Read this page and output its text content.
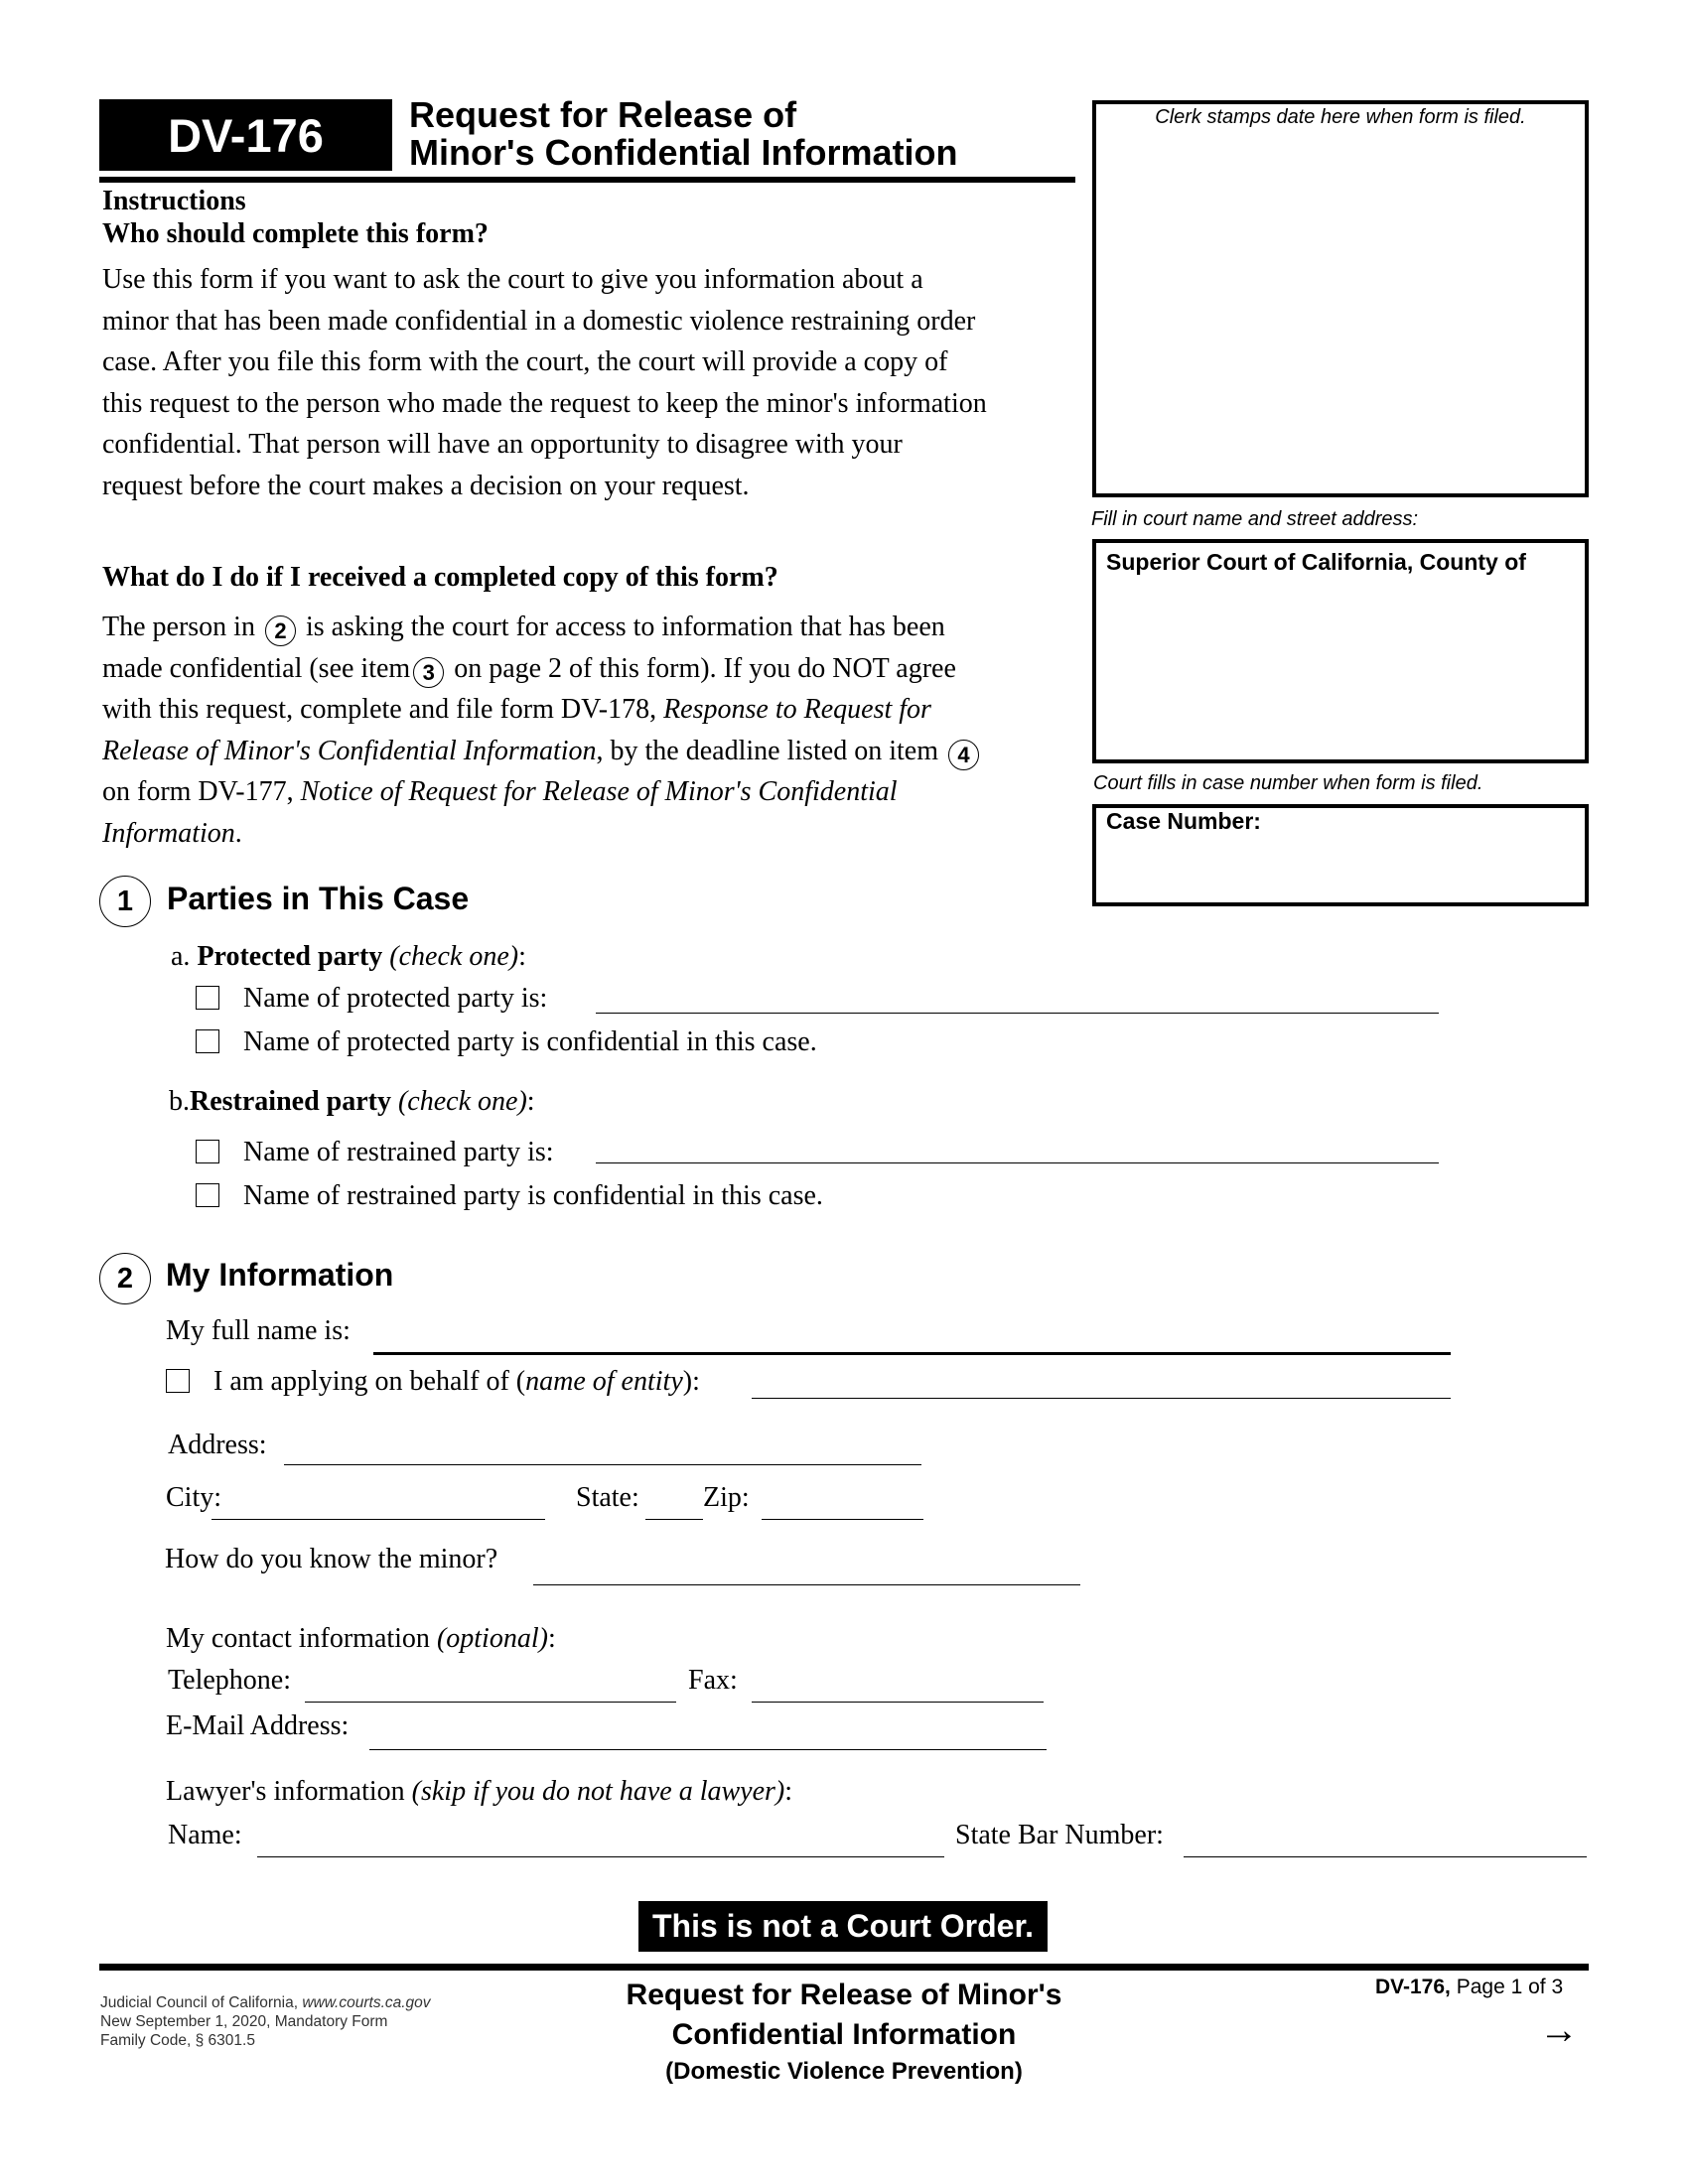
DV-176 Request for Release of
Minor's Confidential Information
Clerk stamps date here when form is filed.
Fill in court name and street address:
Superior Court of California, County of
Court fills in case number when form is filed.
Case Number:
Instructions
Who should complete this form?
Use this form if you want to ask the court to give you information about a
minor that has been made confidential in a domestic violence restraining order
case. After you file this form with the court, the court will provide a copy of
this request to the person who made the request to keep the minor's information
confidential. That person will have an opportunity to disagree with your
request before the court makes a decision on your request.
What do I do if I received a completed copy of this form?
The person in 2 is asking the court for access to information that has been
made confidential (see item 3 on page 2 of this form). If you do NOT agree
with this request, complete and file form DV-178, Response to Request for
Release of Minor's Confidential Information, by the deadline listed on item 4
on form DV-177, Notice of Request for Release of Minor's Confidential
Information.
1	Parties in This Case
a. Protected party (check one):
Name of protected party is:
Name of protected party is confidential in this case.
b.Restrained party (check one):
Name of restrained party is:
Name of restrained party is confidential in this case.
2	My Information
My full name is:
I am applying on behalf of (name of entity):
Address:
City:	State: Zip:
How do you know the minor?
My contact information (optional):
Telephone:	Fax:
E-Mail Address:
Lawyer's information (skip if you do not have a lawyer):
Name:	State Bar Number:
This is not a Court Order.
Judicial Council of California, www.courts.ca.gov
New September 1, 2020, Mandatory Form
Family Code, § 6301.5
Request for Release of Minor's
Confidential Information
(Domestic Violence Prevention)
DV-176, Page 1 of 3
→
